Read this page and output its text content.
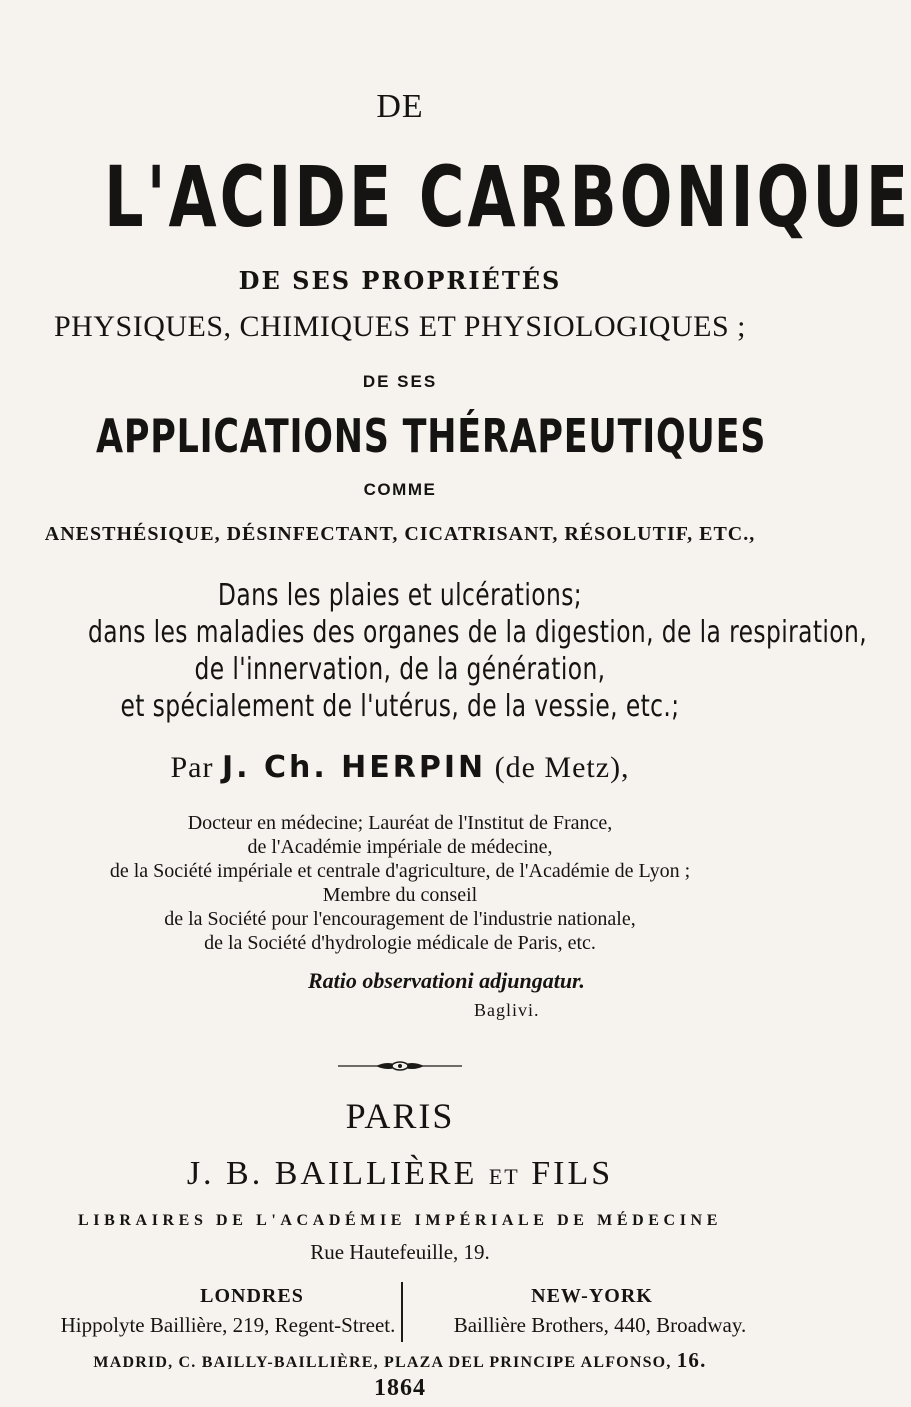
DE
L'ACIDE CARBONIQUE
DE SES PROPRIÉTÉS
PHYSIQUES, CHIMIQUES ET PHYSIOLOGIQUES ;
DE SES
APPLICATIONS THÉRAPEUTIQUES
COMME
ANESTHÉSIQUE, DÉSINFECTANT, CICATRISANT, RÉSOLUTIF, ETC.,
Dans les plaies et ulcérations;
dans les maladies des organes de la digestion, de la respiration,
de l'innervation, de la génération,
et spécialement de l'utérus, de la vessie, etc.;
Par J. Ch. HERPIN (de Metz),
Docteur en médecine; Lauréat de l'Institut de France,
de l'Académie impériale de médecine,
de la Société impériale et centrale d'agriculture, de l'Académie de Lyon ;
Membre du conseil
de la Société pour l'encouragement de l'industrie nationale,
de la Société d'hydrologie médicale de Paris, etc.
Ratio observationi adjungatur.
Baglivi.
PARIS
J. B. BAILLIÈRE ET FILS
LIBRAIRES DE L'ACADÉMIE IMPÉRIALE DE MÉDECINE
Rue Hautefeuille, 19.
LONDRES
Hippolyte Baillière, 219, Regent-Street.
NEW-YORK
Baillière Brothers, 440, Broadway.
MADRID, C. BAILLY-BAILLIÈRE, PLAZA DEL PRINCIPE ALFONSO, 16.
1864
